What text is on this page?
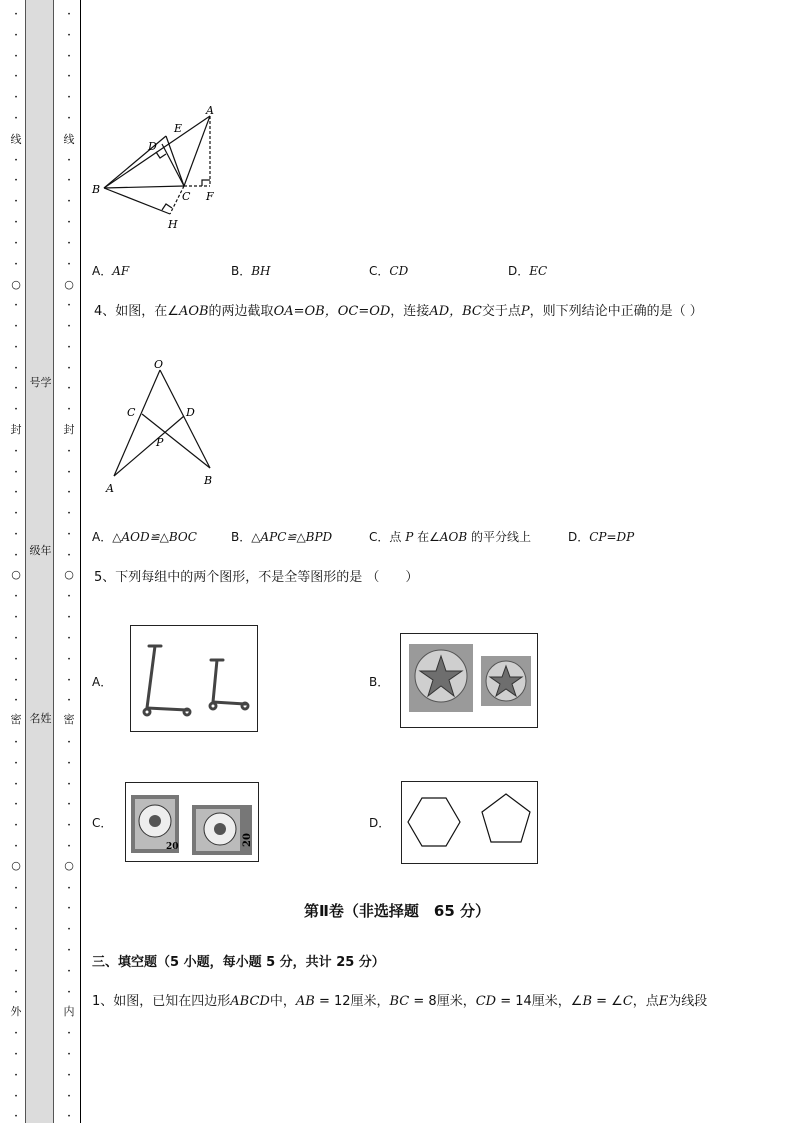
•
•
•
•
•
•
•
•
•
•
•
•
•
•
•
•
•
•
•
•
•
•
•
•
•
•
•
•
•
•
•
•
•
•
•
•
•
•
•
•
•
•
•
•
•
•
•
线
○
封
○
密
○
外
号学
级年
名姓
•
•
•
•
•
•
•
•
•
•
•
•
•
•
•
•
•
•
•
•
•
•
•
•
•
•
•
•
•
•
•
•
•
•
•
•
•
•
•
•
•
•
•
•
•
•
•
线
○
封
○
密
○
内
A
E
D
B
C F
H
A．AF	B．BH	C．CD	D．EC
4、如图，在∠AOB的两边截取OA=OB，OC=OD，连接AD，BC交于点P，则下列结论中正确的是（ ）
O
C	D
P
A
B
A．△AOD≌△BOC	B．△APC≌△BPD	C．点 P 在∠AOB 的平分线上	D．CP=DP
5、下列每组中的两个图形，不是全等图形的是 （　　）
A．	B．
C．
20	20
D．
第Ⅱ卷（非选择题　65 分）
三、填空题（5 小题，每小题 5 分，共计 25 分）
1、如图，已知在四边形ABCD中，AB = 12厘米，BC = 8厘米，CD = 14厘米，∠B = ∠C，点E为线段
